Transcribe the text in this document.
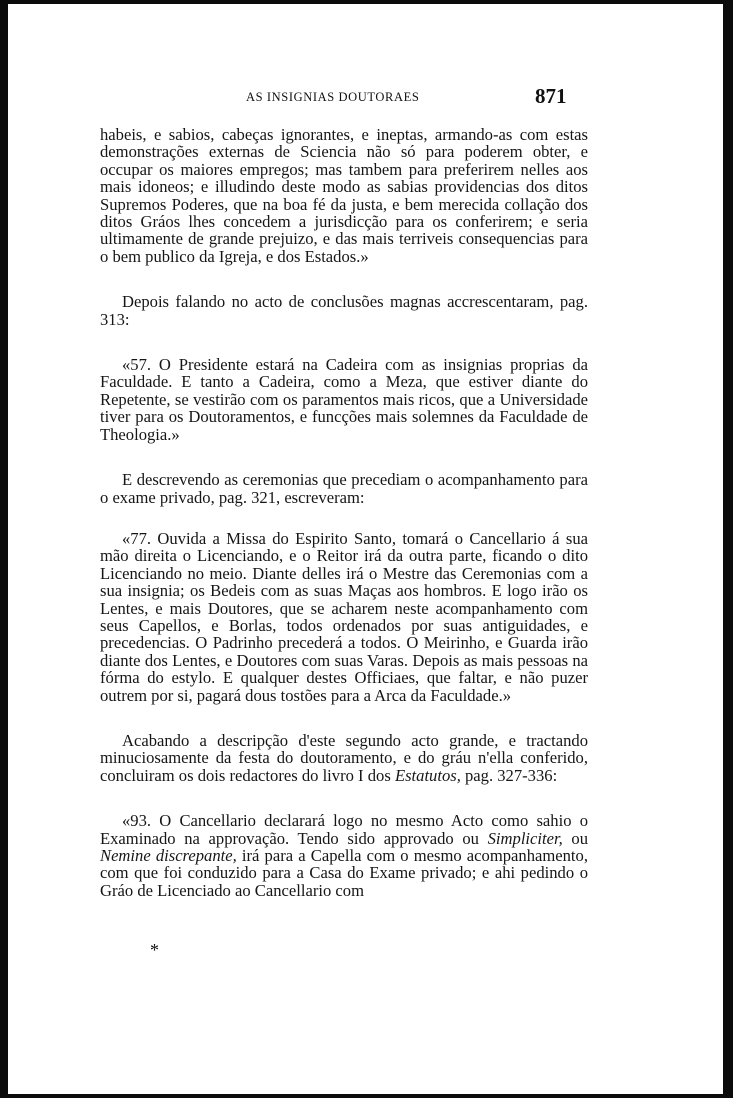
AS INSIGNIAS DOUTORAES	871

habeis, e sabios, cabeças ignorantes, e ineptas, armando-as com estas demonstrações externas de Sciencia não só para poderem obter, e occupar os maiores empregos; mas tambem para preferirem nelles aos mais idoneos; e illudindo deste modo as sabias providencias dos ditos Supremos Poderes, que na boa fé da justa, e bem merecida collação dos ditos Gráos lhes concedem a jurisdicção para os conferirem; e seria ultimamente de grande prejuizo, e das mais terriveis consequencias para o bem publico da Igreja, e dos Estados.»

Depois falando no acto de conclusões magnas accrescentaram, pag. 313:

«57. O Presidente estará na Cadeira com as insignias proprias da Faculdade. E tanto a Cadeira, como a Meza, que estiver diante do Repetente, se vestirão com os paramentos mais ricos, que a Universidade tiver para os Doutoramentos, e funcções mais solemnes da Faculdade de Theologia.»

E descrevendo as ceremonias que precediam o acompanhamento para o exame privado, pag. 321, escreveram:

«77. Ouvida a Missa do Espirito Santo, tomará o Cancellario á sua mão direita o Licenciando, e o Reitor irá da outra parte, ficando o dito Licenciando no meio. Diante delles irá o Mestre das Ceremonias com a sua insignia; os Bedeis com as suas Maças aos hombros. E logo irão os Lentes, e mais Doutores, que se acharem neste acompanhamento com seus Capellos, e Borlas, todos ordenados por suas antiguidades, e precedencias. O Padrinho precederá a todos. O Meirinho, e Guarda irão diante dos Lentes, e Doutores com suas Varas. Depois as mais pessoas na fórma do estylo. E qualquer destes Officiaes, que faltar, e não puzer outrem por si, pagará dous tostões para a Arca da Faculdade.»

Acabando a descripção d'este segundo acto grande, e tractando minuciosamente da festa do doutoramento, e do gráu n'ella conferido, concluiram os dois redactores do livro I dos Estatutos, pag. 327-336:

«93. O Cancellario declarará logo no mesmo Acto como sahio o Examinado na approvação. Tendo sido approvado ou Simpliciter, ou Nemine discrepante, irá para a Capella com o mesmo acompanhamento, com que foi conduzido para a Casa do Exame privado; e ahi pedindo o Gráo de Licenciado ao Cancellario com

*
